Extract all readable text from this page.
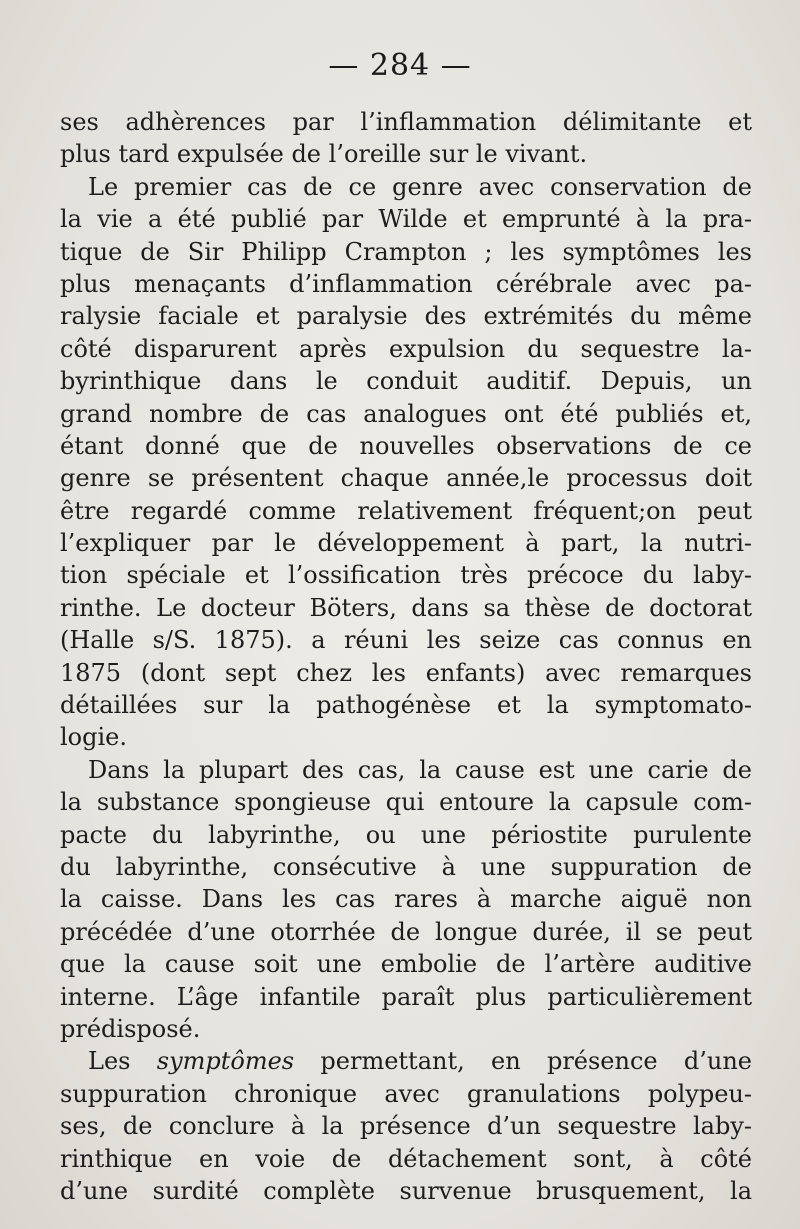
— 284 —
ses adhèrences par l’inflammation délimitante et
plus tard expulsée de l’oreille sur le vivant.
Le premier cas de ce genre avec conservation de
la vie a été publié par Wilde et emprunté à la pra-
tique de Sir Philipp Crampton ; les symptômes les
plus menaçants d’inflammation cérébrale avec pa-
ralysie faciale et paralysie des extrémités du même
côté disparurent après expulsion du sequestre la-
byrinthique dans le conduit auditif. Depuis, un
grand nombre de cas analogues ont été publiés et,
étant donné que de nouvelles observations de ce
genre se présentent chaque année,le processus doit
être regardé comme relativement fréquent;on peut
l’expliquer par le développement à part, la nutri-
tion spéciale et l’ossification très précoce du laby-
rinthe. Le docteur Böters, dans sa thèse de doctorat
(Halle s/S. 1875). a réuni les seize cas connus en
1875 (dont sept chez les enfants) avec remarques
détaillées sur la pathogénèse et la symptomato-
logie.
Dans la plupart des cas, la cause est une carie de
la substance spongieuse qui entoure la capsule com-
pacte du labyrinthe, ou une périostite purulente
du labyrinthe, consécutive à une suppuration de
la caisse. Dans les cas rares à marche aiguë non
précédée d’une otorrhée de longue durée, il se peut
que la cause soit une embolie de l’artère auditive
interne. L’âge infantile paraît plus particulièrement
prédisposé.
Les symptômes permettant, en présence d’une
suppuration chronique avec granulations polypeu-
ses, de conclure à la présence d’un sequestre laby-
rinthique en voie de détachement sont, à côté
d’une surdité complète survenue brusquement, la
